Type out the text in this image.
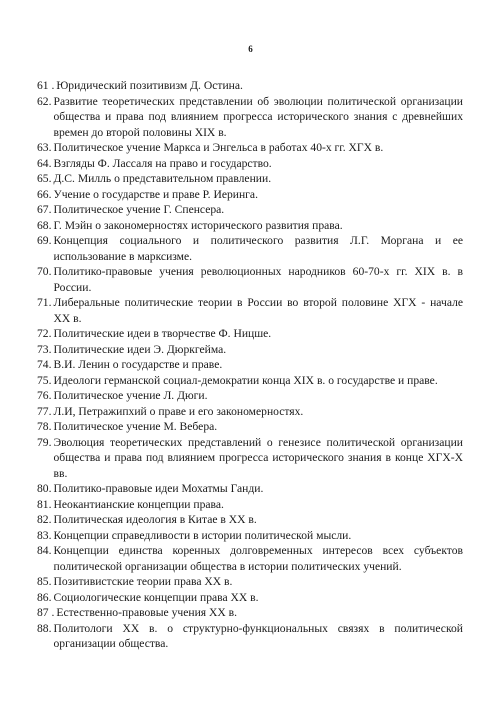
6
61 . Юридический позитивизм Д. Остина.
62. Развитие теоретических представлении об эволюции политической организации общества и права под влиянием прогресса исторического знания с древнейших времен до второй половины XIX в.
63. Политическое учение Маркса и Энгельса в работах 40-х гг. ХГХ в.
64. Взгляды Ф. Лассаля на право и государство.
65. Д.С. Милль о представительном правлении.
66. Учение о государстве и праве Р. Иеринга.
67. Политическое учение Г. Спенсера.
68. Г. Мэйн о закономерностях исторического развития права.
69. Концепция социального и политического развития Л.Г. Моргана и ее использование в марксизме.
70. Политико-правовые учения революционных народников 60-70-х гг. XIX в. в России.
71. Либеральные политические теории в России во второй половине ХГХ - начале XX в.
72. Политические идеи в творчестве Ф. Ницше.
73. Политические идеи Э. Дюркгейма.
74. В.И. Ленин о государстве и праве.
75. Идеологи германской социал-демократии конца XIX в. о государстве и праве.
76. Политическое учение Л. Дюги.
77. Л.И, Петражипхий о праве и его закономерностях.
78. Политическое учение М. Вебера.
79. Эволюция теоретических представлений о генезисе политической организации общества и права под влиянием прогресса исторического знания в конце ХГХ-Х вв.
80. Политико-правовые идеи Мохатмы Ганди.
81. Неокантианские концепции права.
82. Политическая идеология в Китае в XX в.
83. Концепции справедливости в истории политической мысли.
84. Концепции единства коренных долговременных интересов всех субъектов политической организации общества в истории политических учений.
85. Позитивистские теории права XX в.
86. Социологические концепции права XX в.
87 . Естественно-правовые учения XX в.
88. Политологи XX в. о структурно-функциональных связях в политической организации общества.
